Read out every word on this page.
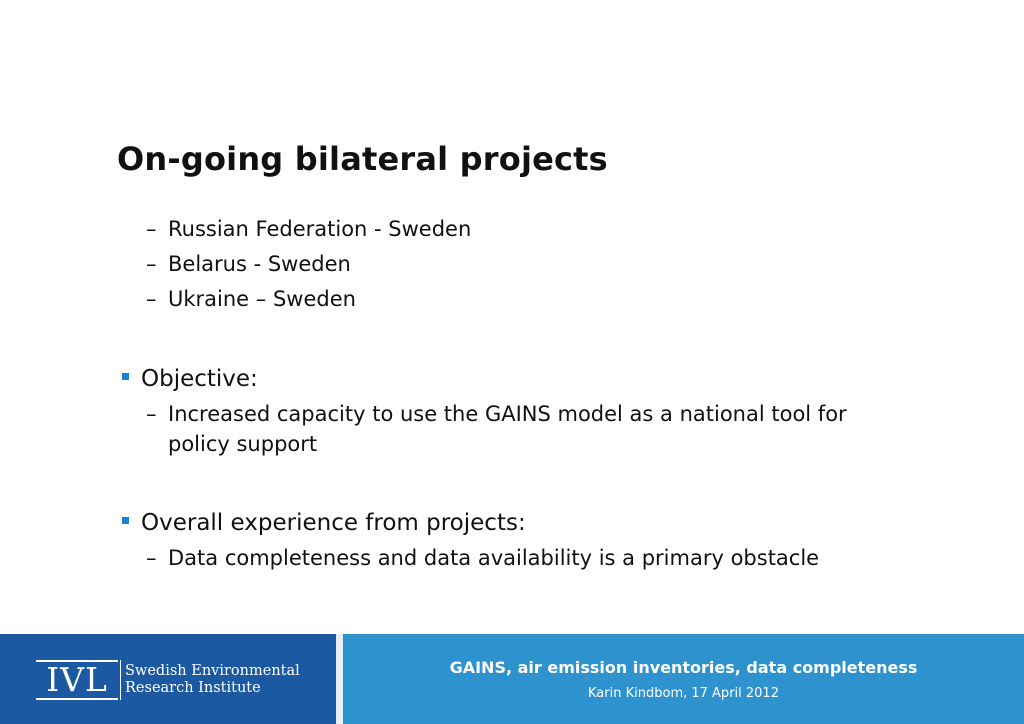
On-going bilateral projects
– Russian Federation - Sweden
– Belarus - Sweden
– Ukraine – Sweden
Objective:
– Increased capacity to use the GAINS model as a national tool for policy support
Overall experience from projects:
– Data completeness and data availability is a primary obstacle
IVL	Swedish Environmental
Research Institute
GAINS, air emission inventories, data completeness
Karin Kindbom, 17 April 2012
